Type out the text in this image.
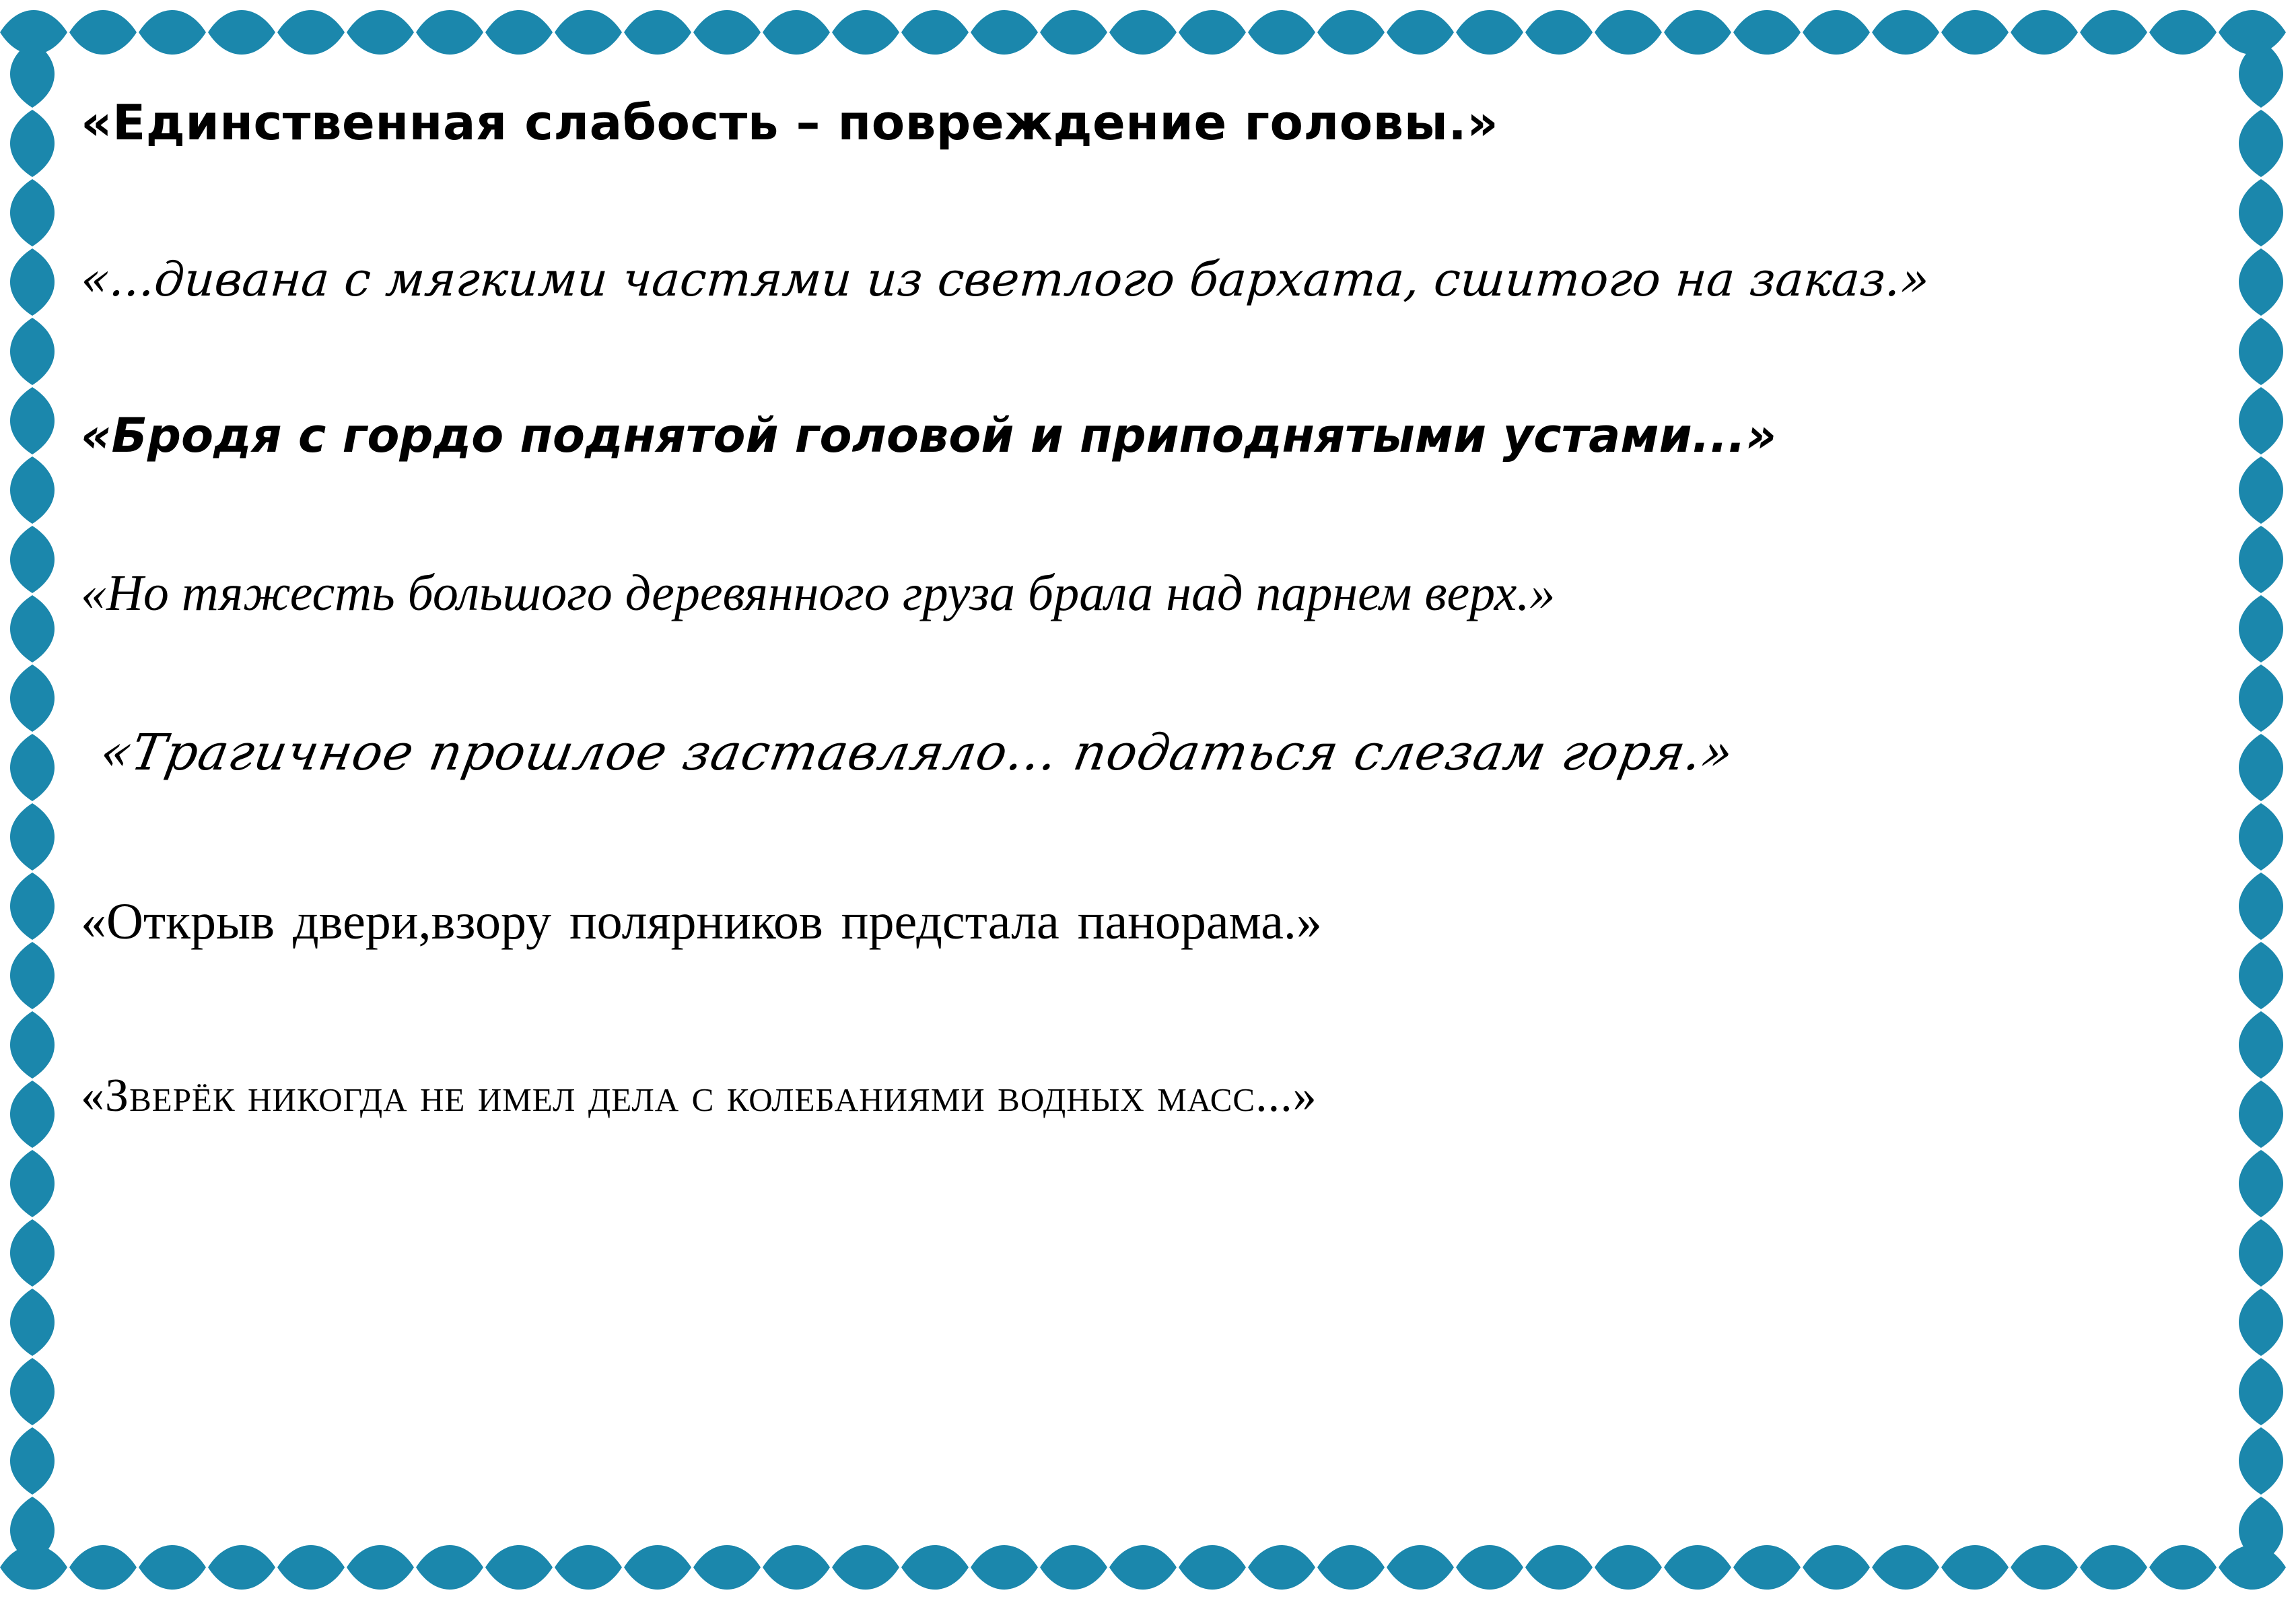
«Единственная слабость – повреждение головы.»
«...дивана с мягкими частями из светлого бархата, сшитого на заказ.»
«Бродя с гордо поднятой головой и приподнятыми устами...»
«Но тяжесть большого деревянного груза брала над парнем верх.»
«Трагичное прошлое заставляло… податься слезам горя.»
«Открыв двери,взору полярников предстала панорама.»
«Зверёк никогда не имел дела с колебаниями водных масс...»
